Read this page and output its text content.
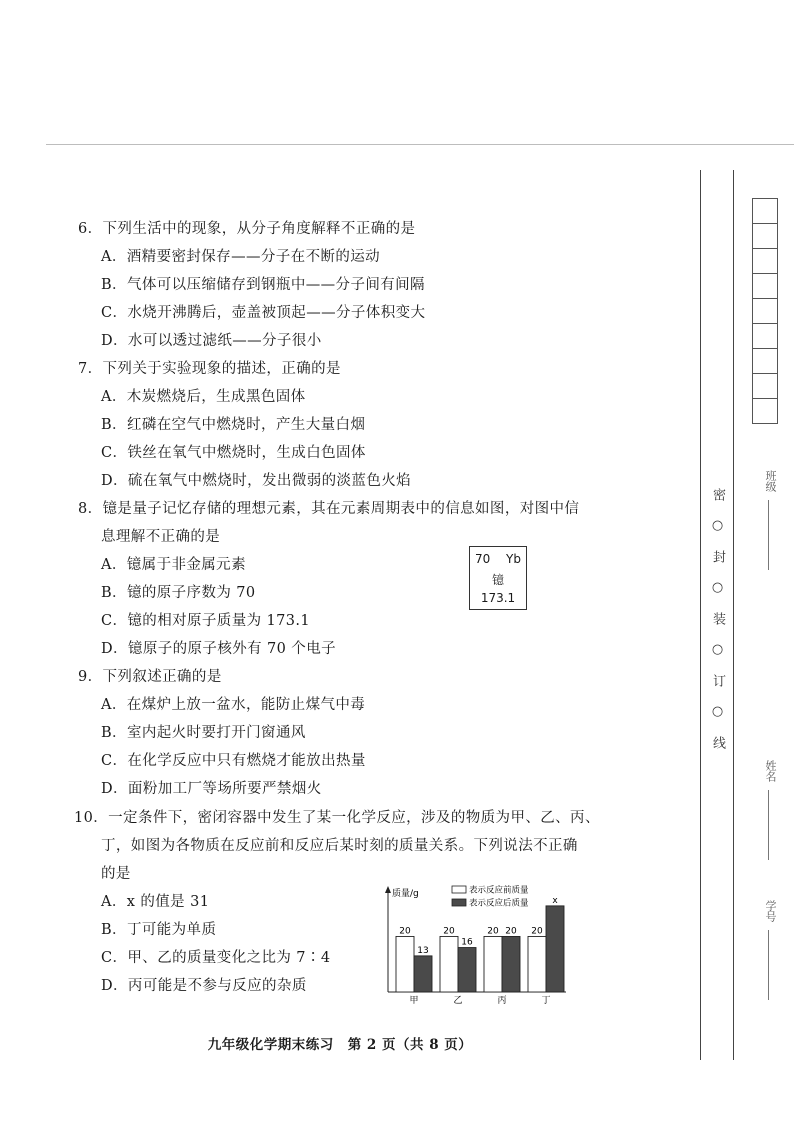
6．下列生活中的现象，从分子角度解释不正确的是
A．酒精要密封保存——分子在不断的运动
B．气体可以压缩储存到钢瓶中——分子间有间隔
C．水烧开沸腾后，壶盖被顶起——分子体积变大
D．水可以透过滤纸——分子很小
7．下列关于实验现象的描述，正确的是
A．木炭燃烧后，生成黑色固体
B．红磷在空气中燃烧时，产生大量白烟
C．铁丝在氧气中燃烧时，生成白色固体
D．硫在氧气中燃烧时，发出微弱的淡蓝色火焰
8．镱是量子记忆存储的理想元素，其在元素周期表中的信息如图，对图中信
息理解不正确的是
A．镱属于非金属元素
B．镱的原子序数为 70
C．镱的相对原子质量为 173.1
D．镱原子的原子核外有 70 个电子
70 Yb
镱
173.1
9．下列叙述正确的是
A．在煤炉上放一盆水，能防止煤气中毒
B．室内起火时要打开门窗通风
C．在化学反应中只有燃烧才能放出热量
D．面粉加工厂等场所要严禁烟火
10．一定条件下，密闭容器中发生了某一化学反应，涉及的物质为甲、乙、丙、
丁，如图为各物质在反应前和反应后某时刻的质量关系。下列说法不正确
的是
A．x 的值是 31
B．丁可能为单质
C．甲、乙的质量变化之比为 7∶4
D．丙可能是不参与反应的杂质
质量/g	表示反应前质量
表示反应后质量
20
13
甲
20
16
乙
20 20
丙
20
x
丁
九年级化学期末练习　第 2 页（共 8 页）
密　○　封　○　装　○　订　○　线
班级
姓名
学号
